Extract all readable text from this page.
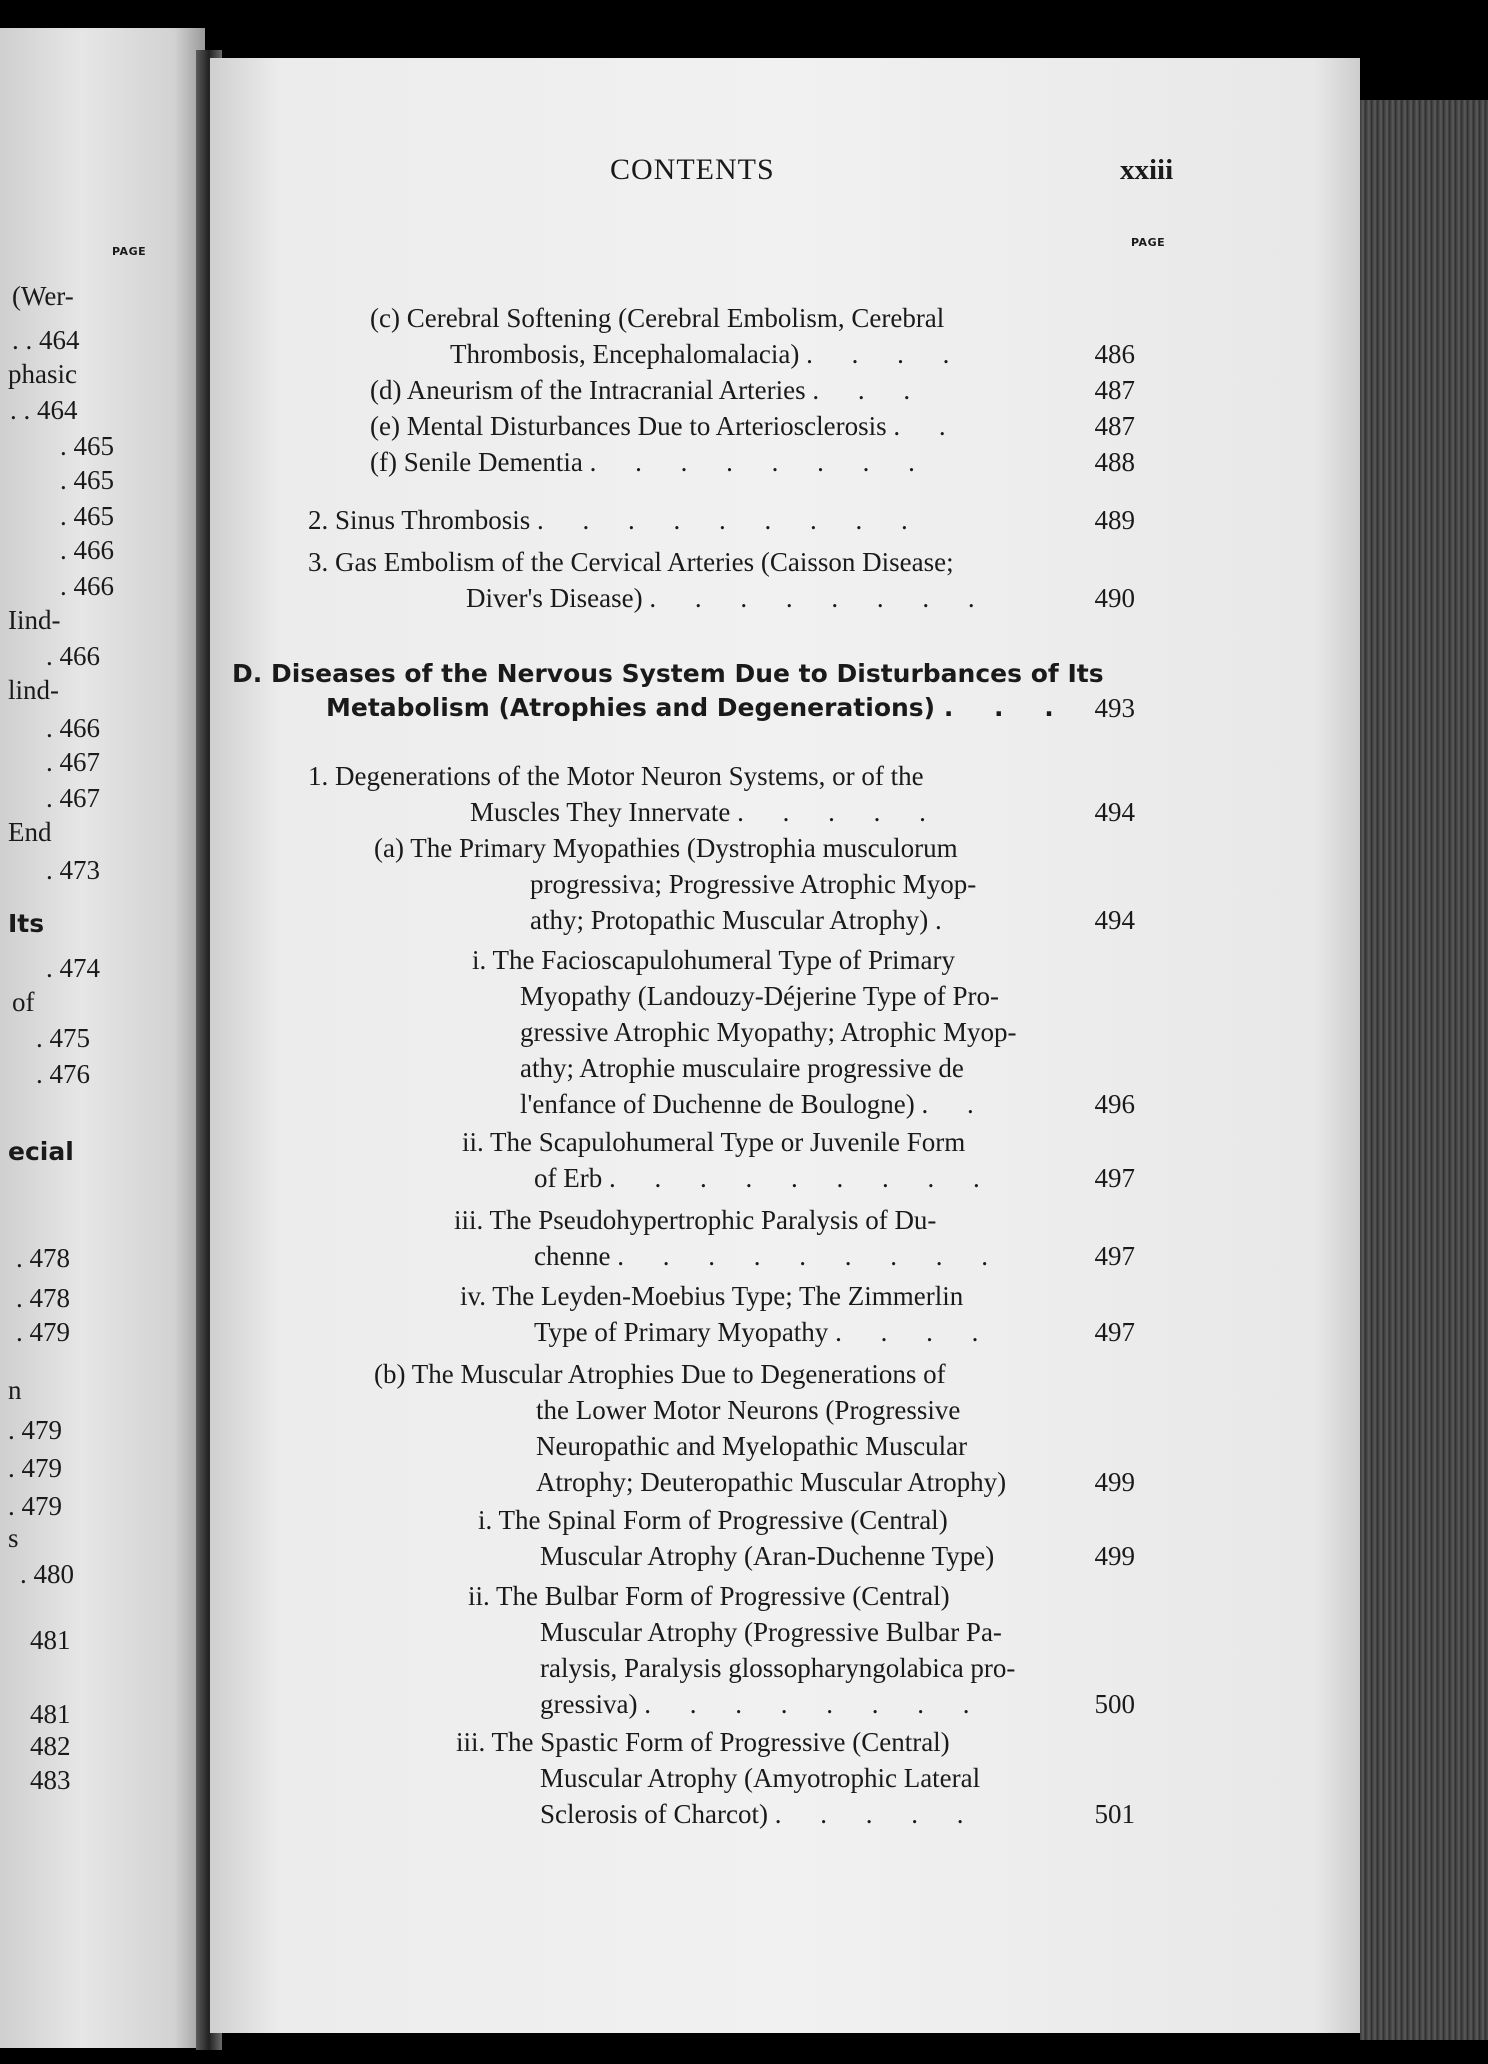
PAGE
(Wer-
. . 464
phasic
. . 464
. 465
. 465
. 465
. 466
. 466
Iind-
. 466
lind-
. 466
. 467
. 467
End
. 473
Its
. 474
of
. 475
. 476
ecial
. 478
. 478
. 479
n
. 479
. 479
. 479
s
. 480
481
481
482
483
CONTENTS	xxiii
PAGE
(c) Cerebral Softening (Cerebral Embolism, Cerebral
Thrombosis, Encephalomalacia) . . . .	486
(d) Aneurism of the Intracranial Arteries . . .	487
(e) Mental Disturbances Due to Arteriosclerosis . .	487
(f) Senile Dementia . . . . . . . .	488
2. Sinus Thrombosis . . . . . . . . .	489
3. Gas Embolism of the Cervical Arteries (Caisson Disease;
Diver's Disease) . . . . . . . .	490
D. Diseases of the Nervous System Due to Disturbances of Its
Metabolism (Atrophies and Degenerations) . . . 493
1. Degenerations of the Motor Neuron Systems, or of the
Muscles They Innervate . . . . .	494
(a) The Primary Myopathies (Dystrophia musculorum
progressiva; Progressive Atrophic Myop-
athy; Protopathic Muscular Atrophy) .	494
i. The Facioscapulohumeral Type of Primary
Myopathy (Landouzy-Déjerine Type of Pro-
gressive Atrophic Myopathy; Atrophic Myop-
athy; Atrophie musculaire progressive de
l'enfance of Duchenne de Boulogne) . .	496
ii. The Scapulohumeral Type or Juvenile Form
of Erb . . . . . . . . .	497
iii. The Pseudohypertrophic Paralysis of Du-
chenne . . . . . . . . .	497
iv. The Leyden-Moebius Type; The Zimmerlin
Type of Primary Myopathy . . . .	497
(b) The Muscular Atrophies Due to Degenerations of
the Lower Motor Neurons (Progressive
Neuropathic and Myelopathic Muscular
Atrophy; Deuteropathic Muscular Atrophy)	499
i. The Spinal Form of Progressive (Central)
Muscular Atrophy (Aran-Duchenne Type)	499
ii. The Bulbar Form of Progressive (Central)
Muscular Atrophy (Progressive Bulbar Pa-
ralysis, Paralysis glossopharyngolabica pro-
gressiva) . . . . . . . .	500
iii. The Spastic Form of Progressive (Central)
Muscular Atrophy (Amyotrophic Lateral
Sclerosis of Charcot) . . . . .	501
